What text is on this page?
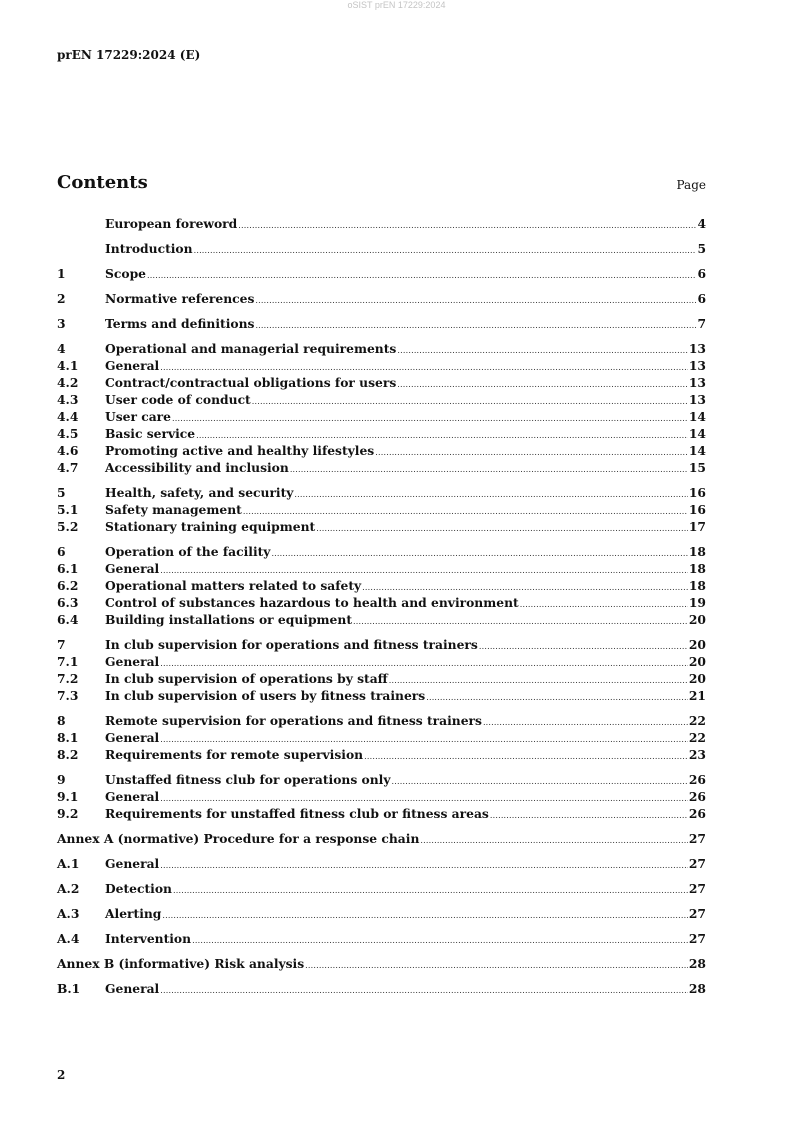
oSIST prEN 17229:2024
prEN 17229:2024 (E)
Contents	Page
European foreword .....	4
Introduction .....	5
1	Scope .....	6
2	Normative references .....	6
3	Terms and definitions .....	7
4	Operational and managerial requirements .....	13
4.1	General .....	13
4.2	Contract/contractual obligations for users .....	13
4.3	User code of conduct .....	13
4.4	User care .....	14
4.5	Basic service .....	14
4.6	Promoting active and healthy lifestyles .....	14
4.7	Accessibility and inclusion .....	15
5	Health, safety, and security .....	16
5.1	Safety management .....	16
5.2	Stationary training equipment .....	17
6	Operation of the facility .....	18
6.1	General .....	18
6.2	Operational matters related to safety .....	18
6.3	Control of substances hazardous to health and environment .....	19
6.4	Building installations or equipment .....	20
7	In club supervision for operations and fitness trainers .....	20
7.1	General .....	20
7.2	In club supervision of operations by staff .....	20
7.3	In club supervision of users by fitness trainers .....	21
8	Remote supervision for operations and fitness trainers .....	22
8.1	General .....	22
8.2	Requirements for remote supervision .....	23
9	Unstaffed fitness club for operations only .....	26
9.1	General .....	26
9.2	Requirements for unstaffed fitness club or fitness areas .....	26
Annex A (normative) Procedure for a response chain .....	27
A.1	General .....	27
A.2	Detection .....	27
A.3	Alerting .....	27
A.4	Intervention .....	27
Annex B (informative) Risk analysis .....	28
B.1	General .....	28
2
